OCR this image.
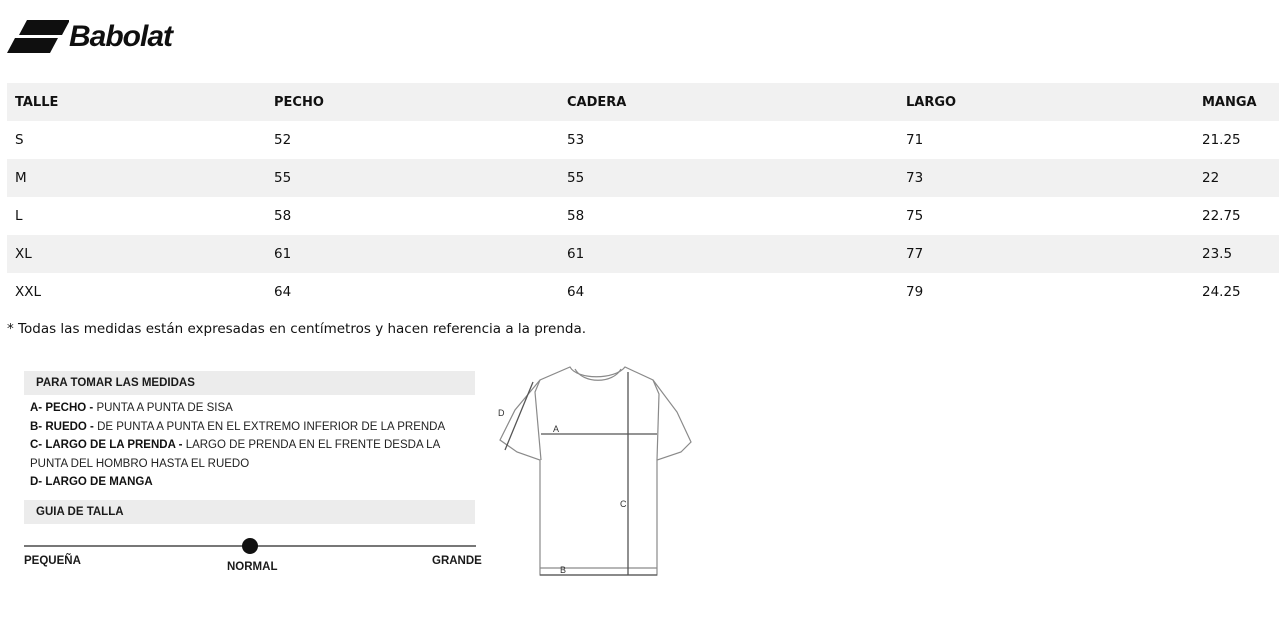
Babolat
TALLE	PECHO	CADERA	LARGO	MANGA
S	52	53	71	21.25
M	55	55	73	22
L	58	58	75	22.75
XL	61	61	77	23.5
XXL	64	64	79	24.25
* Todas las medidas están expresadas en centímetros y hacen referencia a la prenda.
PARA TOMAR LAS MEDIDAS
A- PECHO - PUNTA A PUNTA DE SISA
B- RUEDO - DE PUNTA A PUNTA EN EL EXTREMO INFERIOR DE LA PRENDA
C- LARGO DE LA PRENDA - LARGO DE PRENDA EN EL FRENTE DESDA LA PUNTA DEL HOMBRO HASTA EL RUEDO
D- LARGO DE MANGA
GUIA DE TALLA
PEQUEÑA	NORMAL	GRANDE
A
B
C
D
